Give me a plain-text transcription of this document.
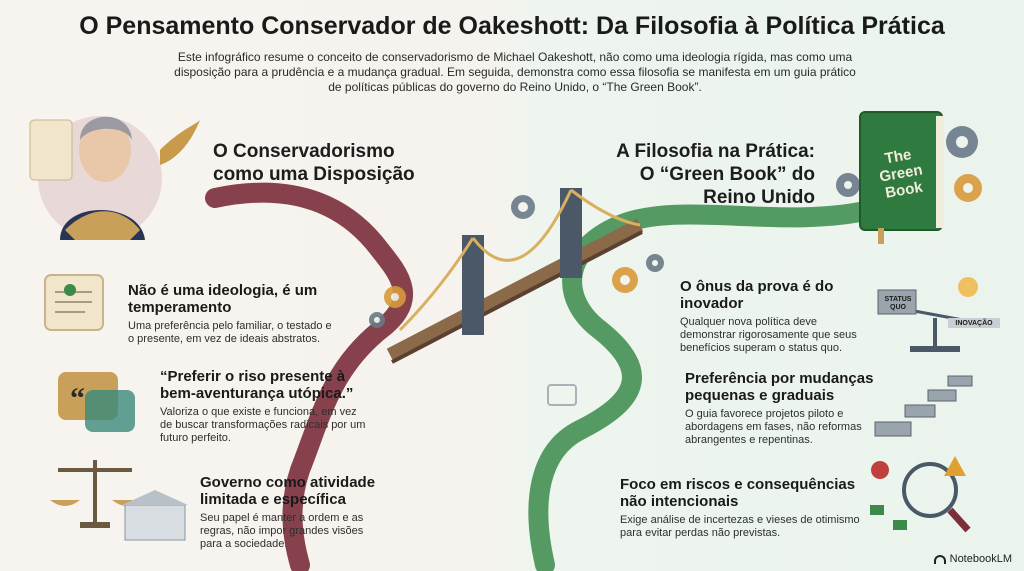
“
O Pensamento Conservador de Oakeshott: Da Filosofia à Política Prática
Este infográfico resume o conceito de conservadorismo de Michael Oakeshott, não como uma ideologia rígida, mas como uma disposição para a prudência e a mudança gradual. Em seguida, demonstra como essa filosofia se manifesta em um guia prático de políticas públicas do governo do Reino Unido, o “The Green Book”.
O Conservadorismo como uma Disposição
Não é uma ideologia, é um temperamento
Uma preferência pelo familiar, o testado e o presente, em vez de ideais abstratos.
“Preferir o riso presente à bem-aventurança utópica.”
Valoriza o que existe e funciona, em vez de buscar transformações radicais por um futuro perfeito.
Governo como atividade limitada e específica
Seu papel é manter a ordem e as regras, não impor grandes visões para a sociedade.
A Filosofia na Prática: O “Green Book” do Reino Unido
The Green Book
STATUS QUO
INOVAÇÃO
O ônus da prova é do inovador
Qualquer nova política deve demonstrar rigorosamente que seus benefícios superam o status quo.
Preferência por mudanças pequenas e graduais
O guia favorece projetos piloto e abordagens em fases, não reformas abrangentes e repentinas.
Foco em riscos e consequências não intencionais
Exige análise de incertezas e vieses de otimismo para evitar perdas não previstas.
NotebookLM
